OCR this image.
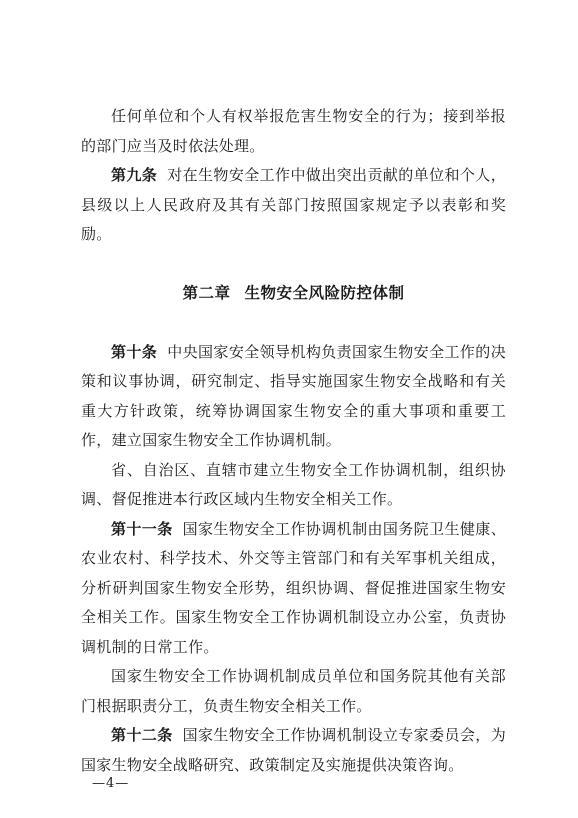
任何单位和个人有权举报危害生物安全的行为；接到举报的部门应当及时依法处理。

第九条 对在生物安全工作中做出突出贡献的单位和个人，县级以上人民政府及其有关部门按照国家规定予以表彰和奖励。

第二章 生物安全风险防控体制

第十条 中央国家安全领导机构负责国家生物安全工作的决策和议事协调，研究制定、指导实施国家生物安全战略和有关重大方针政策，统筹协调国家生物安全的重大事项和重要工作，建立国家生物安全工作协调机制。

省、自治区、直辖市建立生物安全工作协调机制，组织协调、督促推进本行政区域内生物安全相关工作。

第十一条 国家生物安全工作协调机制由国务院卫生健康、农业农村、科学技术、外交等主管部门和有关军事机关组成，分析研判国家生物安全形势，组织协调、督促推进国家生物安全相关工作。国家生物安全工作协调机制设立办公室，负责协调机制的日常工作。

国家生物安全工作协调机制成员单位和国务院其他有关部门根据职责分工，负责生物安全相关工作。

第十二条 国家生物安全工作协调机制设立专家委员会，为国家生物安全战略研究、政策制定及实施提供决策咨询。

—4—
